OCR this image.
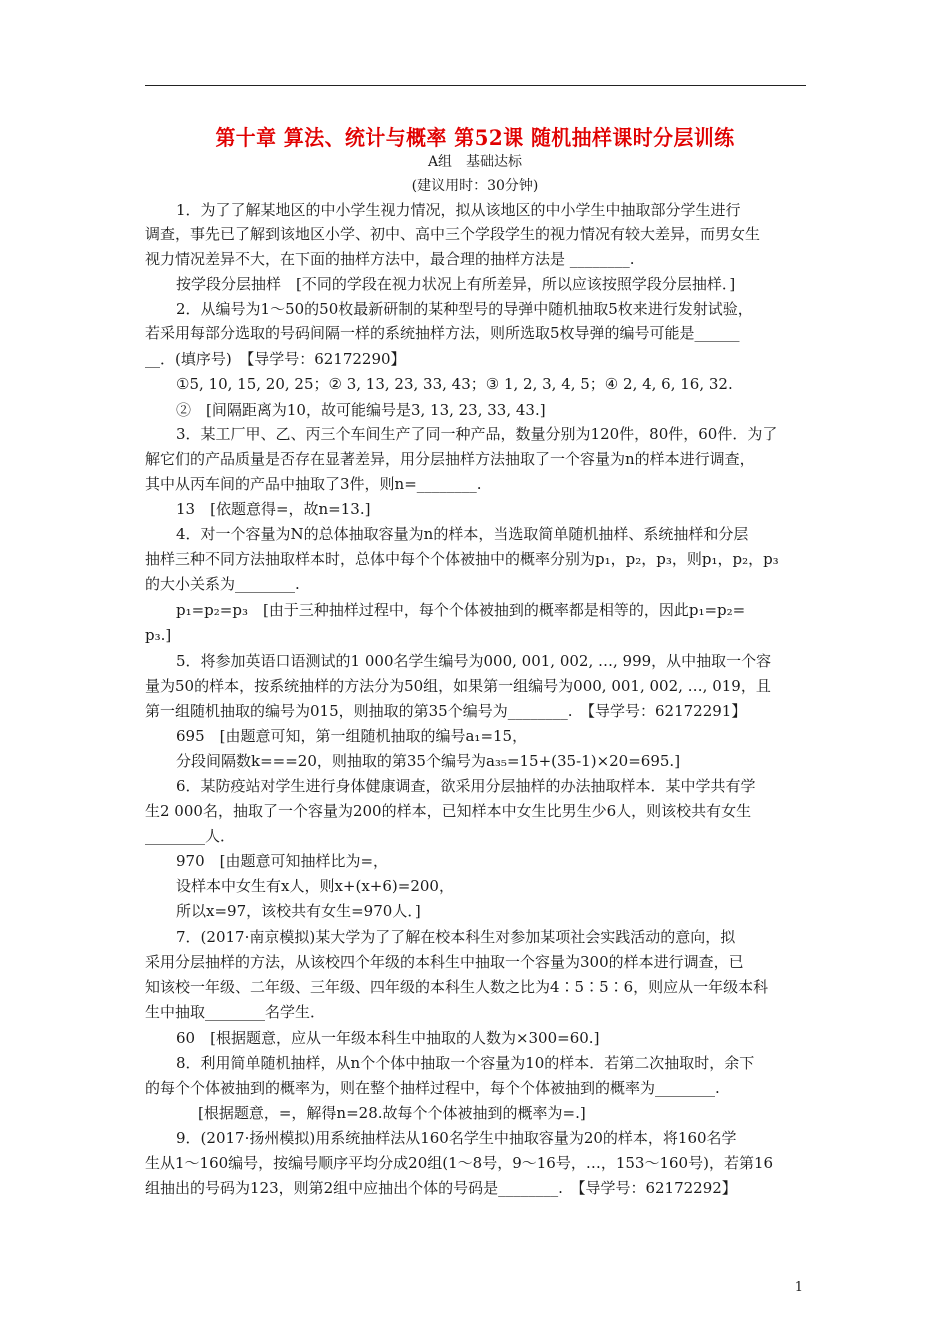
第十章 算法、统计与概率 第52课 随机抽样课时分层训练
A组　基础达标
(建议用时：30分钟)
1．为了了解某地区的中小学生视力情况，拟从该地区的中小学生中抽取部分学生进行
调查，事先已了解到该地区小学、初中、高中三个学段学生的视力情况有较大差异，而男女生
视力情况差异不大，在下面的抽样方法中，最合理的抽样方法是 ________.
按学段分层抽样　[不同的学段在视力状况上有所差异，所以应该按照学段分层抽样．]
2．从编号为1～50的50枚最新研制的某种型号的导弹中随机抽取5枚来进行发射试验，
若采用每部分选取的号码间隔一样的系统抽样方法，则所选取5枚导弹的编号可能是______
__．(填序号)　【导学号：62172290】
①5, 10, 15, 20, 25；② 3, 13, 23, 33, 43；③ 1, 2, 3, 4, 5；④ 2, 4, 6, 16, 32.
②　[间隔距离为10，故可能编号是3, 13, 23, 33, 43.]
3．某工厂甲、乙、丙三个车间生产了同一种产品，数量分别为120件，80件，60件．为了
解它们的产品质量是否存在显著差异，用分层抽样方法抽取了一个容量为n的样本进行调查，
其中从丙车间的产品中抽取了3件，则n=________.
13　[依题意得=，故n=13.]
4．对一个容量为N的总体抽取容量为n的样本，当选取简单随机抽样、系统抽样和分层
抽样三种不同方法抽取样本时，总体中每个个体被抽中的概率分别为p₁，p₂，p₃，则p₁，p₂，p₃
的大小关系为________.
p₁=p₂=p₃　[由于三种抽样过程中，每个个体被抽到的概率都是相等的，因此p₁=p₂=
p₃.]
5．将参加英语口语测试的1 000名学生编号为000, 001, 002, …, 999，从中抽取一个容
量为50的样本，按系统抽样的方法分为50组，如果第一组编号为000, 001, 002, …, 019，且
第一组随机抽取的编号为015，则抽取的第35个编号为________.　【导学号：62172291】
695　[由题意可知，第一组随机抽取的编号a₁=15，
分段间隔数k===20，则抽取的第35个编号为a₃₅=15+(35-1)×20=695.]
6．某防疫站对学生进行身体健康调查，欲采用分层抽样的办法抽取样本．某中学共有学
生2 000名，抽取了一个容量为200的样本，已知样本中女生比男生少6人，则该校共有女生
________人．
970　[由题意可知抽样比为=，
设样本中女生有x人，则x+(x+6)=200，
所以x=97，该校共有女生=970人．]
7．(2017·南京模拟)某大学为了了解在校本科生对参加某项社会实践活动的意向，拟
采用分层抽样的方法，从该校四个年级的本科生中抽取一个容量为300的样本进行调查，已
知该校一年级、二年级、三年级、四年级的本科生人数之比为4∶5∶5∶6，则应从一年级本科
生中抽取________名学生．
60　[根据题意，应从一年级本科生中抽取的人数为×300=60.]
8．利用简单随机抽样，从n个个体中抽取一个容量为10的样本．若第二次抽取时，余下
的每个个体被抽到的概率为，则在整个抽样过程中，每个个体被抽到的概率为________.
[根据题意，=，解得n=28.故每个个体被抽到的概率为=.]
9．(2017·扬州模拟)用系统抽样法从160名学生中抽取容量为20的样本，将160名学
生从1～160编号，按编号顺序平均分成20组(1～8号，9～16号，…，153～160号)，若第16
组抽出的号码为123，则第2组中应抽出个体的号码是________.　【导学号：62172292】
1
